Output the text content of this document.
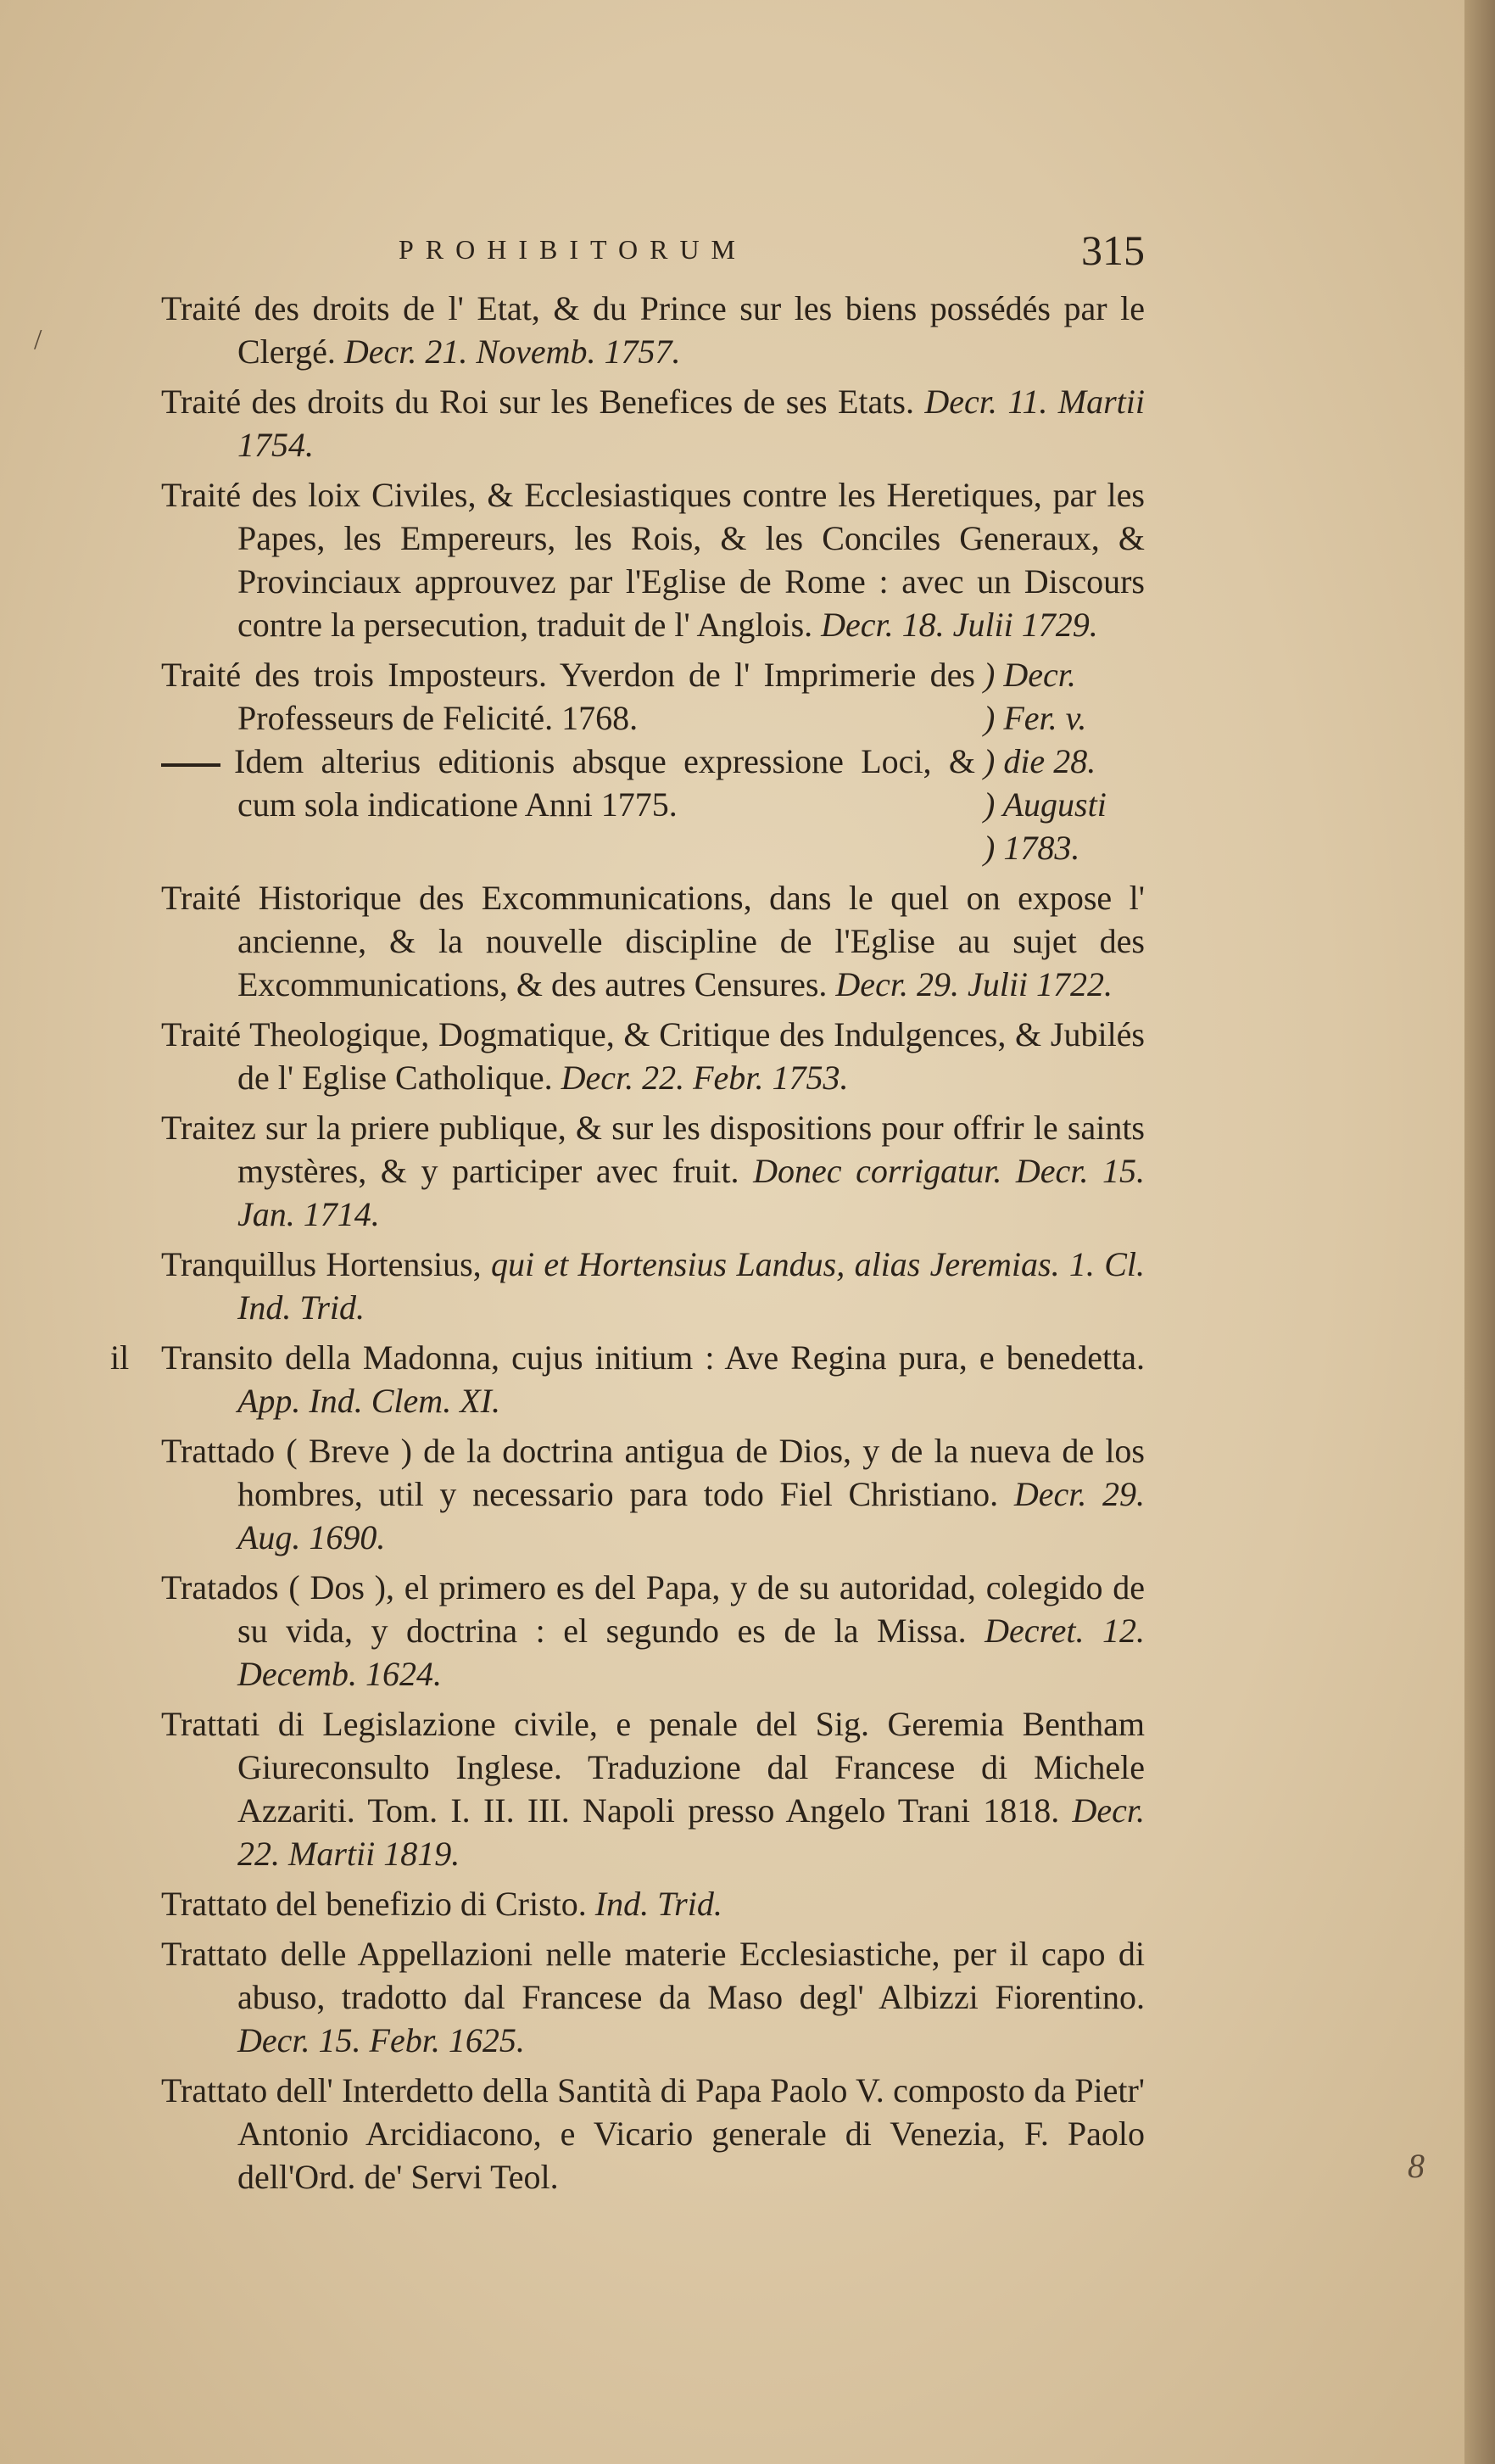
PROHIBITORUM	315
/
8

Traité des droits de l' Etat, & du Prince sur les biens possédés par le Clergé. Decr. 21. Novemb. 1757.

Traité des droits du Roi sur les Benefices de ses Etats. Decr. 11. Martii 1754.

Traité des loix Civiles, & Ecclesiastiques contre les Heretiques, par les Papes, les Empereurs, les Rois, & les Conciles Generaux, & Provinciaux approuvez par l'Eglise de Rome : avec un Discours contre la persecution, traduit de l' Anglois. Decr. 18. Julii 1729.

Traité des trois Imposteurs. Yverdon de l' Imprimerie des Professeurs de Felicité. 1768.

Idem alterius editionis absque expressione Loci, & cum sola indicatione Anni 1775.

) Decr.
) Fer. v.
) die 28.
) Augusti
) 1783.

Traité Historique des Excommunications, dans le quel on expose l' ancienne, & la nouvelle discipline de l'Eglise au sujet des Excommunications, & des autres Censures. Decr. 29. Julii 1722.

Traité Theologique, Dogmatique, & Critique des Indulgences, & Jubilés de l' Eglise Catholique. Decr. 22. Febr. 1753.

Traitez sur la priere publique, & sur les dispositions pour offrir le saints mystères, & y participer avec fruit. Donec corrigatur. Decr. 15. Jan. 1714.

Tranquillus Hortensius, qui et Hortensius Landus, alias Jeremias. 1. Cl. Ind. Trid.

il Transito della Madonna, cujus initium : Ave Regina pura, e benedetta. App. Ind. Clem. XI.

Trattado ( Breve ) de la doctrina antigua de Dios, y de la nueva de los hombres, util y necessario para todo Fiel Christiano. Decr. 29. Aug. 1690.

Tratados ( Dos ), el primero es del Papa, y de su autoridad, colegido de su vida, y doctrina : el segundo es de la Missa. Decret. 12. Decemb. 1624.

Trattati di Legislazione civile, e penale del Sig. Geremia Bentham Giureconsulto Inglese. Traduzione dal Francese di Michele Azzariti. Tom. I. II. III. Napoli presso Angelo Trani 1818. Decr. 22. Martii 1819.

Trattato del benefizio di Cristo. Ind. Trid.

Trattato delle Appellazioni nelle materie Ecclesiastiche, per il capo di abuso, tradotto dal Francese da Maso degl' Albizzi Fiorentino. Decr. 15. Febr. 1625.

Trattato dell' Interdetto della Santità di Papa Paolo V. composto da Pietr' Antonio Arcidiacono, e Vicario generale di Venezia, F. Paolo dell'Ord. de' Servi Teol.
